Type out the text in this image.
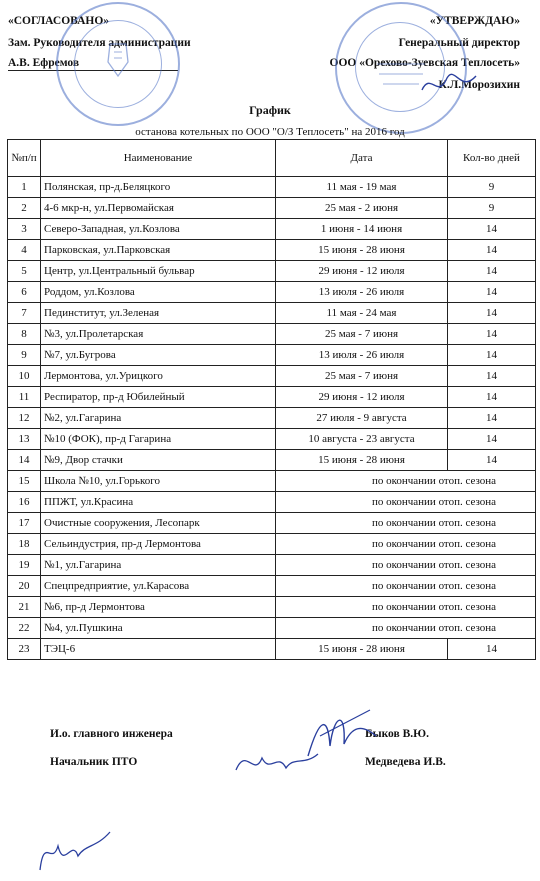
«СОГЛАСОВАНО»
Зам. Руководителя администрации
А.В. Ефремов
«УТВЕРЖДАЮ»
Генеральный директор
ООО «Орехово-Зуевская Теплосеть»
К.Л.Морозихин
График
останова котельных по ООО "О/З Теплосеть" на 2016 год
№п/п	Наименование	Дата	Кол-во дней
1	Полянская, пр-д.Беляцкого	11 мая - 19 мая	9
2	4-6 мкр-н, ул.Первомайская	25 мая - 2 июня	9
3	Северо-Западная, ул.Козлова	1 июня - 14 июня	14
4	Парковская, ул.Парковская	15 июня - 28 июня	14
5	Центр, ул.Центральный бульвар	29 июня - 12 июля	14
6	Роддом, ул.Козлова	13 июля - 26 июля	14
7	Пединститут, ул.Зеленая	11 мая - 24 мая	14
8	№3, ул.Пролетарская	25 мая - 7 июня	14
9	№7, ул.Бугрова	13 июля - 26 июля	14
10	Лермонтова, ул.Урицкого	25 мая - 7 июня	14
11	Респиратор, пр-д Юбилейный	29 июня - 12 июля	14
12	№2, ул.Гагарина	27 июля - 9 августа	14
13	№10 (ФОК), пр-д Гагарина	10 августа - 23 августа	14
14	№9, Двор стачки	15 июня - 28 июня	14
15	Школа №10, ул.Горького	по окончании отоп. сезона	
16	ППЖТ, ул.Красина	по окончании отоп. сезона	
17	Очистные сооружения, Лесопарк	по окончании отоп. сезона	
18	Сельиндустрия, пр-д Лермонтова	по окончании отоп. сезона	
19	№1, ул.Гагарина	по окончании отоп. сезона	
20	Спецпредприятие, ул.Карасова	по окончании отоп. сезона	
21	№6, пр-д Лермонтова	по окончании отоп. сезона	
22	№4, ул.Пушкина	по окончании отоп. сезона	
23	ТЭЦ-6	15 июня - 28 июня	14
И.о. главного инженера	Быков В.Ю.
Начальник ПТО	Медведева И.В.
